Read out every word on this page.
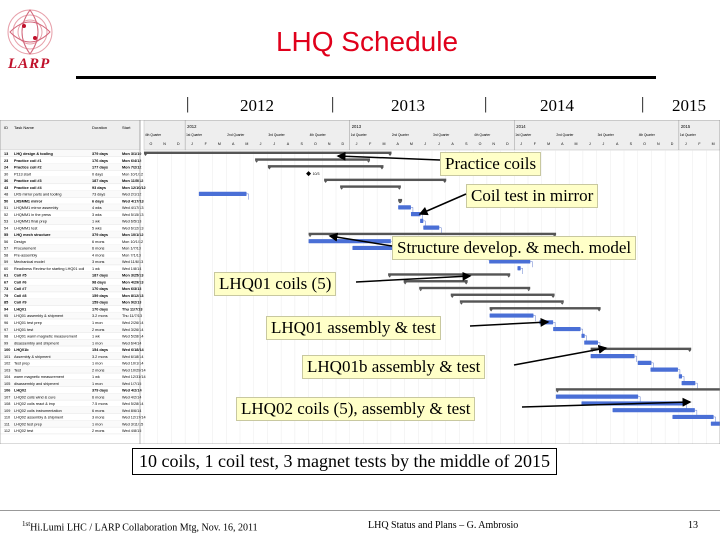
LARP
LHQ Schedule
|	2012	|	2013	|	2014	| 2015
ID Task Name	Duration	Start	2012	2013	2014	2015
4th Quarter	1st Quarter	2nd Quarter	3rd Quarter	4th Quarter	1st Quarter	2nd Quarter	3rd Quarter	4th Quarter	1st Quarter	2nd Quarter	3rd Quarter	4th Quarter	1st Quarter
O	N	D	J	F	M	A	M	J	J	A	S	O	N	D	J	F	M	A	M	J	J	A	S	O	N	D	J	F	M	A	M	J	J	A	S	O	N	D	J	F	M
13 LHQ design & tooling	379 days	Mon 3/1/10
23 Practice coil #1	176 days	Mon 6/4/12
24 Practice coil #2	177 days	Mon 7/2/12
30 P113 start	0 days	Mon 10/1/12	10/3
36 Practice coil #3	187 days	Mon 11/5/12
43 Practice coil #4	93 days	Mon 12/10/12
48 LRS mirror parts and tooling	73 days	Wed 2/1/12
50 LRSMM1 mirror	6 days	Wed 4/17/13
51 LHQMM1 mirror assembly	4 wks	Wed 4/17/13
52 LHQMM1 in the press	3 wks	Wed 5/15/13
53 LHQMM1 final prep	1 wk	Wed 6/5/13
54 LHQMM1 test	5 wks	Wed 6/12/13
55 LHQ mech structure	379 days	Mon 10/1/12
56 Design	6 mons	Mon 10/1/12
57 Procurement	6 mons	Mon 1/7/13
58 Pre-assembly	4 mons	Mon 7/1/13
59 Mechanical model	3 mons	Wed 11/6/13
60 Readiness Review for starting LHQ01 coil 1 wk	Wed 1/8/14
61 Coil #5	187 days	Mon 3/25/13
67 Coil #6	98 days	Mon 4/29/13
73 Coil #7	170 days	Mon 6/3/13
79 Coil #8	159 days	Mon 8/12/13
85 Coil #9	159 days	Mon 9/2/13
94 LHQ01	170 days	Thu 11/7/13
95 LHQ01 assembly & shipment	3.2 mons	Thu 11/7/13
96 LHQ01 test prep	1 mon	Wed 2/26/14
97 LHQ01 test	2 mons	Wed 3/26/14
98 LHQ01 warm magnetic measurement	1 wk	Wed 5/28/14
99 disassembly and shipment	1 mon	Wed 6/4/14
100 LHQ01b	154 days	Wed 6/18/14
101 Assembly & shipment	3.2 mons	Wed 6/18/14
102 Test prep	1 mon	Wed 10/1/14
103 Test	2 mons	Wed 10/29/14
104 warm magnetic measurement	1 wk	Wed 12/31/14
105 disassembly and shipment	1 mon	Wed 1/7/15
106 LHQ02	379 days	Wed 4/2/14
107 LHQ02 coils wind & cure	6 mons	Wed 4/2/14
108 LHQ02 coils react & imp	7.5 mons	Wed 5/28/14
109 LHQ02 coils instrumentation	6 mons	Wed 8/6/14
110 LHQ02 assembly & shipment	3 mons	Wed 12/17/14
111 LHQ02 test prep	1 mon	Wed 3/11/15
112 LHQ02 test	2 mons	Wed 4/8/15
Practice coils
Coil test in mirror
Structure develop. & mech. model
LHQ01 coils (5)
LHQ01 assembly & test
LHQ01b assembly & test
LHQ02 coils (5), assembly & test
10 coils, 1 coil test, 3 magnet tests by the middle of 2015
$^{1st}$Hi.Lumi LHC / LARP Collaboration Mtg, Nov. 16, 2011	LHQ Status and Plans – G. Ambrosio	13
